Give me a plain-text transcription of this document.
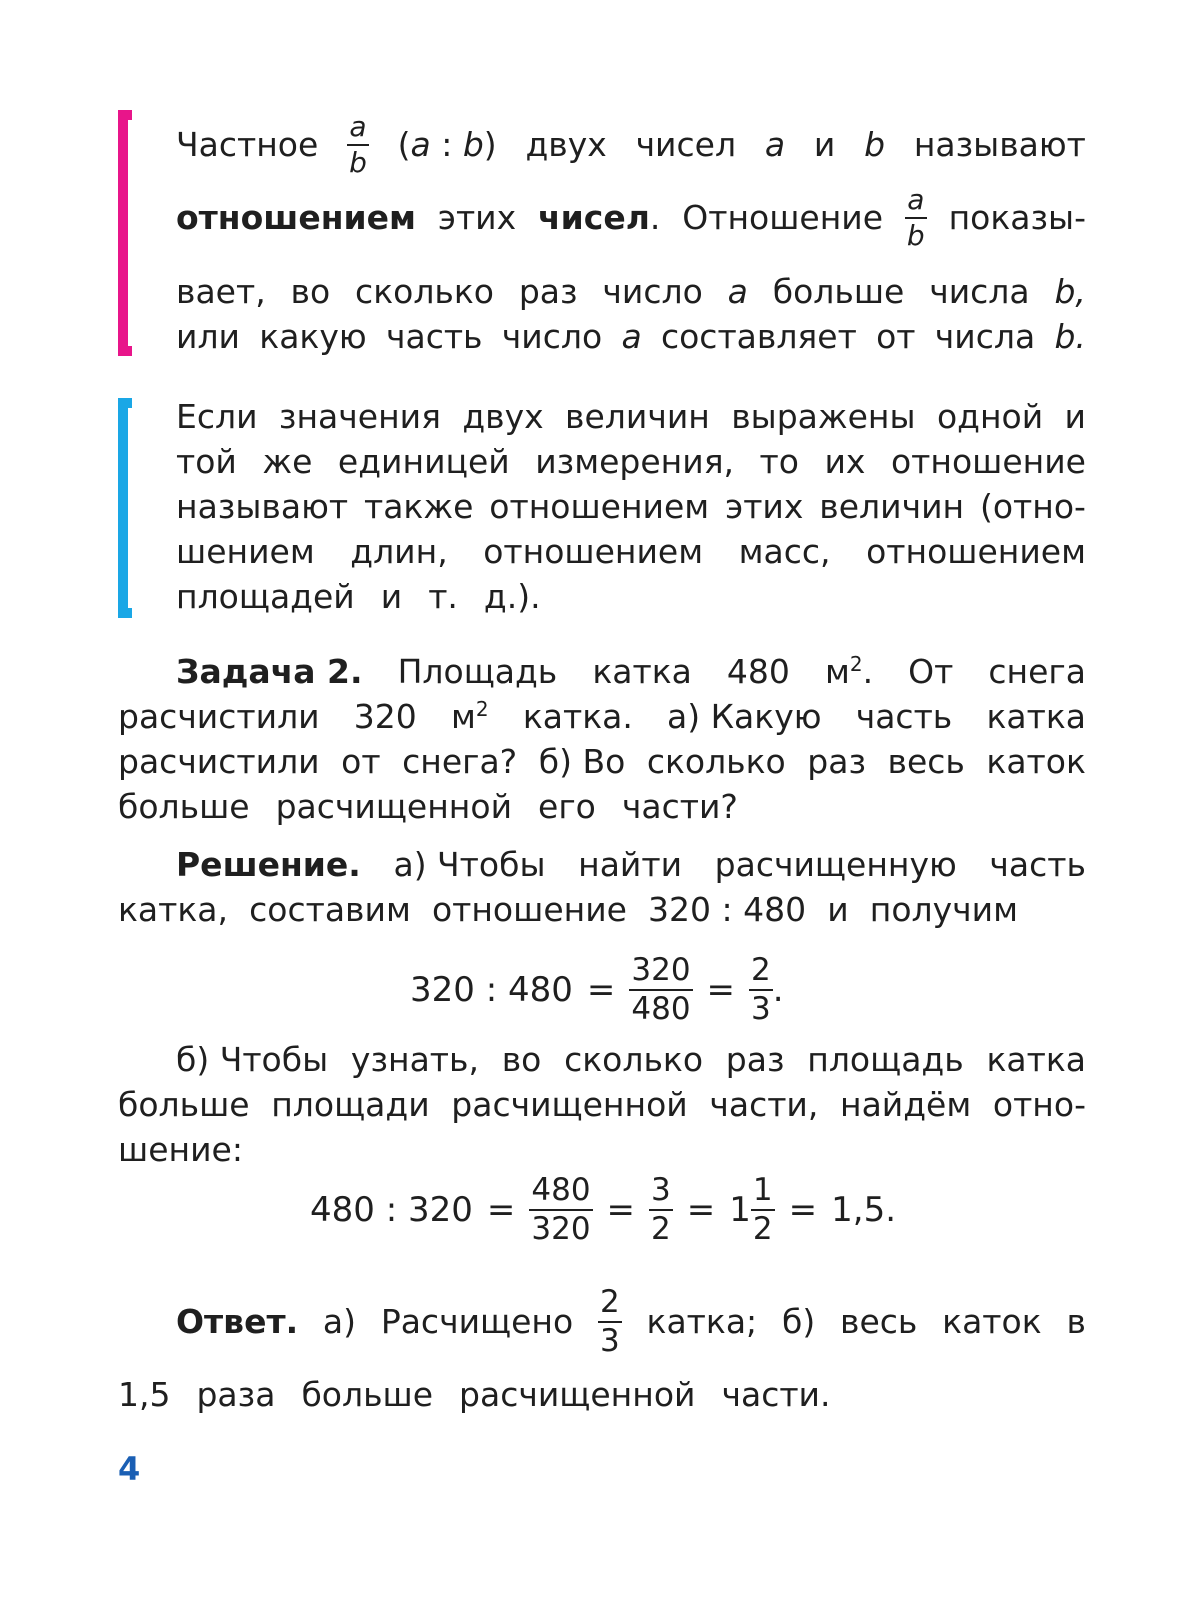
Частное $\frac{a}{b} (a$ : b) двух чисел a и b называют
отношением этих чисел. Отношение $\frac{a}{b}$ показы-
вает, во сколько раз число a больше числа b,
или какую часть число a составляет от числа b.
Если значения двух величин выражены одной и
той же единицей измерения, то их отношение
называют также отношением этих величин (отно-
шением длин, отношением масс, отношением
площадей и т. д.).
Задача 2. Площадь катка 480 $м^2$. От снега
расчистили 320 $м^2$ катка. а) Какую часть катка
расчистили от снега? б) Во сколько раз весь каток
больше расчищенной его части?
Решение. а) Чтобы найти расчищенную часть
катка, составим отношение 320 : 480 и получим
320 : $480 = \frac{320}{480} = \frac{2}{3}$ .
б) Чтобы узнать, во сколько раз площадь катка
больше площади расчищенной части, найдём отно-
шение:
480 : $320 = \frac{480}{320} = \frac{3}{2} = 1 \frac{1}{2} = 1,5$.
Ответ. а) Расчищено $\frac{2}{3}$ катка; б) весь каток в
1,5 раза больше расчищенной части.
4
